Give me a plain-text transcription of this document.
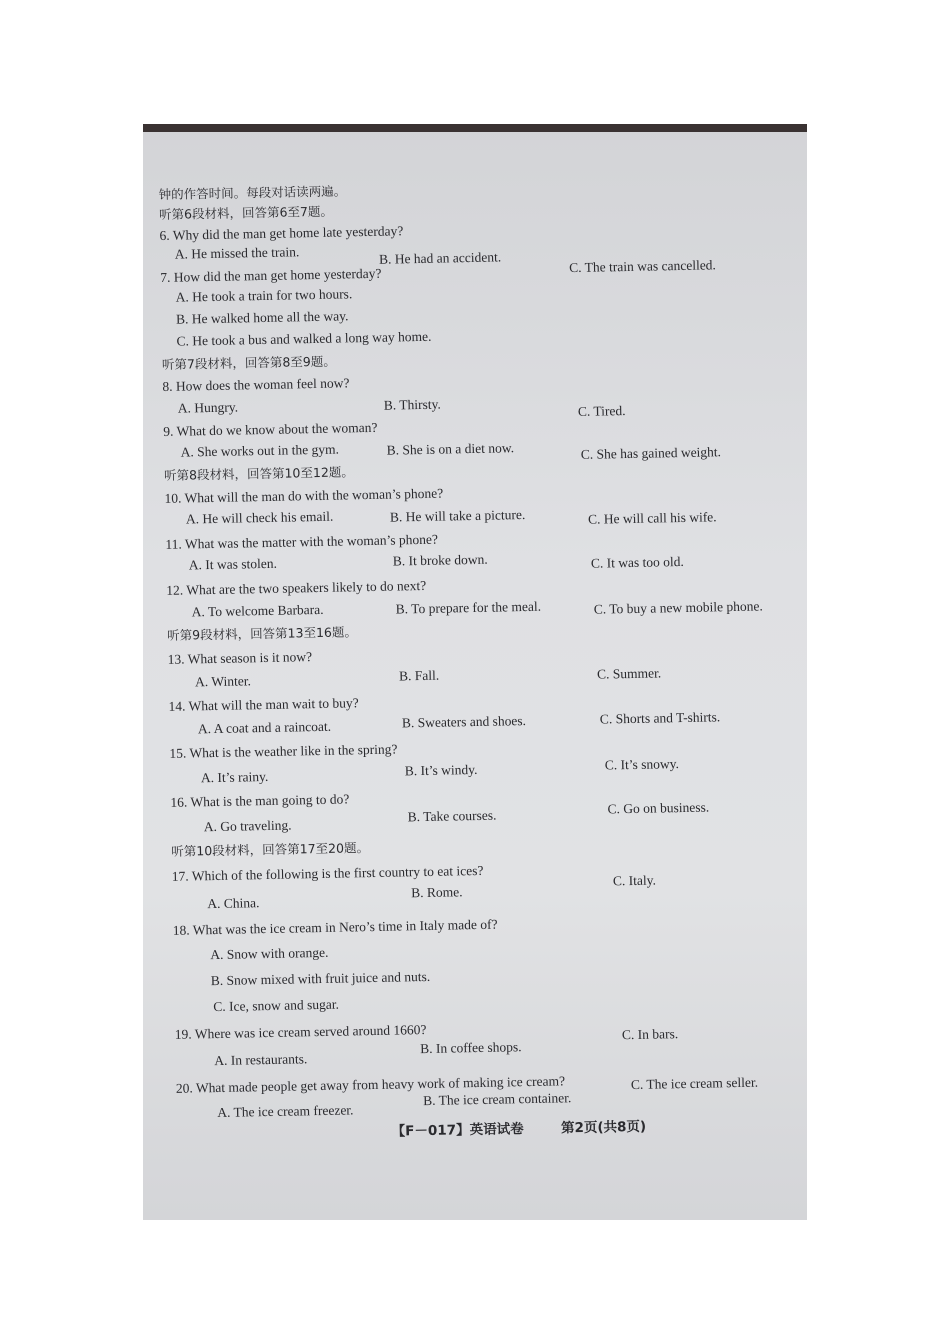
钟的作答时间。每段对话读两遍。
听第6段材料，回答第6至7题。
6. Why did the man get home late yesterday?
A. He missed the train.	B. He had an accident.	C. The train was cancelled.
7. How did the man get home yesterday?
A. He took a train for two hours.
B. He walked home all the way.
C. He took a bus and walked a long way home.
听第7段材料，回答第8至9题。
8. How does the woman feel now?
A. Hungry.	B. Thirsty.	C. Tired.
9. What do we know about the woman?
A. She works out in the gym.	B. She is on a diet now.	C. She has gained weight.
听第8段材料，回答第10至12题。
10. What will the man do with the woman’s phone?
A. He will check his email.	B. He will take a picture.	C. He will call his wife.
11. What was the matter with the woman’s phone?
A. It was stolen.	B. It broke down.	C. It was too old.
12. What are the two speakers likely to do next?
A. To welcome Barbara.	B. To prepare for the meal.	C. To buy a new mobile phone.
听第9段材料，回答第13至16题。
13. What season is it now?
A. Winter.	B. Fall.	C. Summer.
14. What will the man wait to buy?
A. A coat and a raincoat.	B. Sweaters and shoes.	C. Shorts and T-shirts.
15. What is the weather like in the spring?
A. It’s rainy.	B. It’s windy.	C. It’s snowy.
16. What is the man going to do?
A. Go traveling.
B. Take courses.	C. Go on business.
听第10段材料，回答第17至20题。
17. Which of the following is the first country to eat ices?
A. China.
B. Rome.
C. Italy.
18. What was the ice cream in Nero’s time in Italy made of?
A. Snow with orange.
B. Snow mixed with fruit juice and nuts.
C. Ice, snow and sugar.
19. Where was ice cream served around 1660?
A. In restaurants.
B. In coffee shops.
C. In bars.
20. What made people get away from heavy work of making ice cream?
A. The ice cream freezer.
B. The ice cream container.
C. The ice cream seller.
【F－017】英语试卷	第2页(共8页)
